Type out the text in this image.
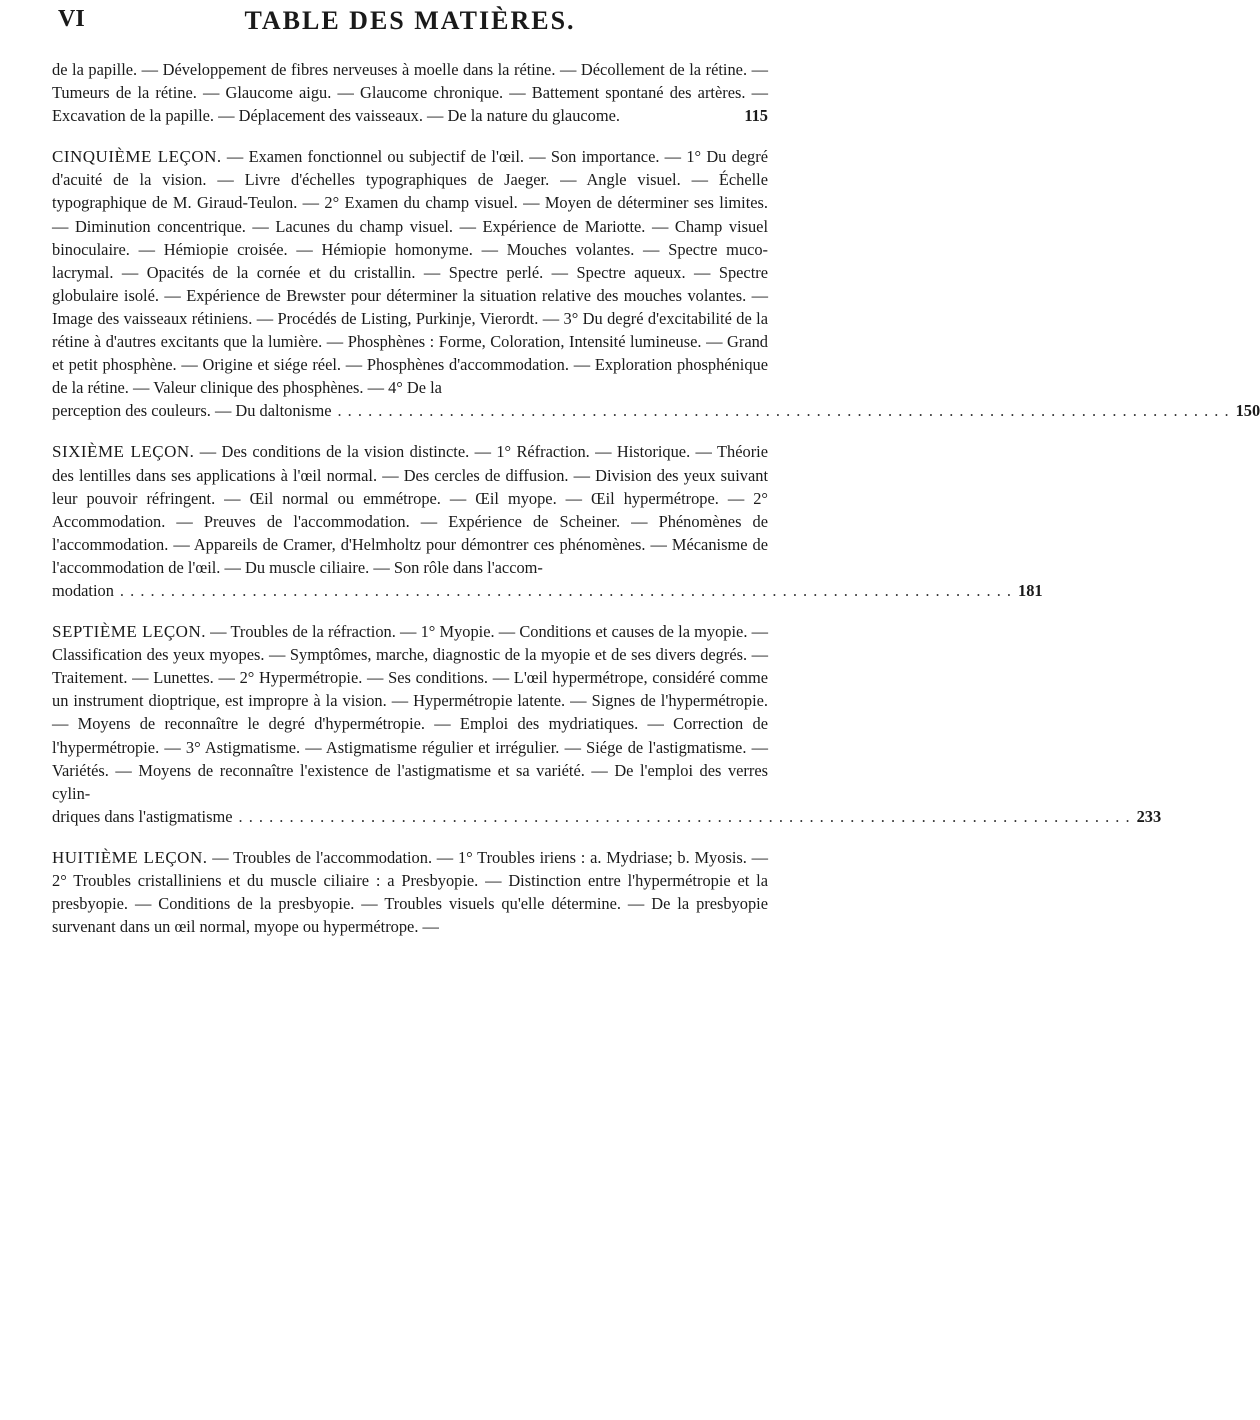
VI	TABLE DES MATIÈRES.
de la papille. — Développement de fibres nerveuses à moelle dans la rétine. — Décollement de la rétine. — Tumeurs de la rétine. — Glaucome aigu. — Glaucome chronique. — Battement spontané des artères. — Excavation de la papille. — Déplacement des vaisseaux. — De la nature du glaucome.	115
CINQUIÈME LEÇON. — Examen fonctionnel ou subjectif de l'œil. — Son importance. — 1° Du degré d'acuité de la vision. — Livre d'échelles typographiques de Jaeger. — Angle visuel. — Échelle typographique de M. Giraud-Teulon. — 2° Examen du champ visuel. — Moyen de déterminer ses limites. — Diminution concentrique. — Lacunes du champ visuel. — Expérience de Mariotte. — Champ visuel binoculaire. — Hémiopie croisée. — Hémiopie homonyme. — Mouches volantes. — Spectre muco-lacrymal. — Opacités de la cornée et du cristallin. — Spectre perlé. — Spectre aqueux. — Spectre globulaire isolé. — Expérience de Brewster pour déterminer la situation relative des mouches volantes. — Image des vaisseaux rétiniens. — Procédés de Listing, Purkinje, Vierordt. — 3° Du degré d'excitabilité de la rétine à d'autres excitants que la lumière. — Phosphènes : Forme, Coloration, Intensité lumineuse. — Grand et petit phosphène. — Origine et siége réel. — Phosphènes d'accommodation. — Exploration phosphénique de la rétine. — Valeur clinique des phosphènes. — 4° De la
perception des couleurs. — Du daltonisme . . . . . . . . . . . . . . . . . . . . . . . . . . . . . . . . . . . . . . . . . . . . . . . . . . . . . . . . . . . . . . . . . . . . . . . . . . . . . . . . . . . . . . . . 150
SIXIÈME LEÇON. — Des conditions de la vision distincte. — 1° Réfraction. — Historique. — Théorie des lentilles dans ses applications à l'œil normal. — Des cercles de diffusion. — Division des yeux suivant leur pouvoir réfringent. — Œil normal ou emmétrope. — Œil myope. — Œil hypermétrope. — 2° Accommodation. — Preuves de l'accommodation. — Expérience de Scheiner. — Phénomènes de l'accommodation. — Appareils de Cramer, d'Helmholtz pour démontrer ces phénomènes. — Mécanisme de l'accommodation de l'œil. — Du muscle ciliaire. — Son rôle dans l'accom-
modation . . . . . . . . . . . . . . . . . . . . . . . . . . . . . . . . . . . . . . . . . . . . . . . . . . . . . . . . . . . . . . . . . . . . . . . . . . . . . . . . . . . . . . . . 181
SEPTIÈME LEÇON. — Troubles de la réfraction. — 1° Myopie. — Conditions et causes de la myopie. — Classification des yeux myopes. — Symptômes, marche, diagnostic de la myopie et de ses divers degrés. — Traitement. — Lunettes. — 2° Hypermétropie. — Ses conditions. — L'œil hypermétrope, considéré comme un instrument dioptrique, est impropre à la vision. — Hypermétropie latente. — Signes de l'hypermétropie. — Moyens de reconnaître le degré d'hypermétropie. — Emploi des mydriatiques. — Correction de l'hypermétropie. — 3° Astigmatisme. — Astigmatisme régulier et irrégulier. — Siége de l'astigmatisme. — Variétés. — Moyens de reconnaître l'existence de l'astigmatisme et sa variété. — De l'emploi des verres cylin-
driques dans l'astigmatisme . . . . . . . . . . . . . . . . . . . . . . . . . . . . . . . . . . . . . . . . . . . . . . . . . . . . . . . . . . . . . . . . . . . . . . . . . . . . . . . . . . . . . . . . 233
HUITIÈME LEÇON. — Troubles de l'accommodation. — 1° Troubles iriens : a. Mydriase; b. Myosis. — 2° Troubles cristalliniens et du muscle ciliaire : a Presbyopie. — Distinction entre l'hypermétropie et la presbyopie. — Conditions de la presbyopie. — Troubles visuels qu'elle détermine. — De la presbyopie survenant dans un œil normal, myope ou hypermétrope. —
